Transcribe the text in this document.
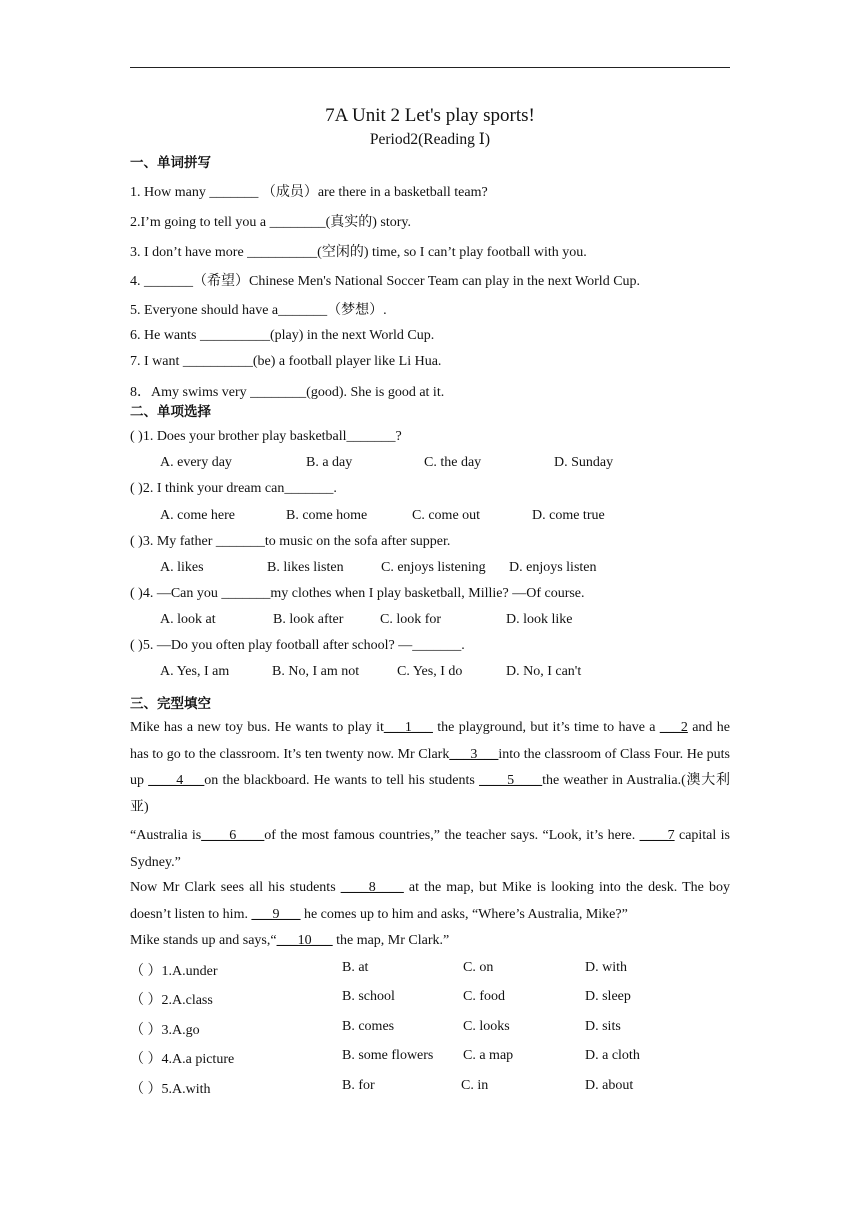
7A Unit 2 Let's play sports!
Period2(Reading Ⅰ)
一、单词拼写
1. How many _______ （成员）are there in a basketball team?
2.I’m going to tell you a ________(真实的) story.
3. I don’t have more __________(空闲的) time, so I can’t play football with you.
4. _______（希望）Chinese Men's National Soccer Team can play in the next World Cup.
5. Everyone should have a_______（梦想）.
6. He wants __________(play) in the next World Cup.
7. I want __________(be) a football player like Li Hua.
8．Amy swims very ________(good). She is good at it.
二、单项选择
( )1. Does your brother play basketball_______?
A. every day	B. a day	C. the day	D. Sunday
( )2. I think your dream can_______.
A. come here	B. come home	C. come out	D. come true
( )3. My father _______to music on the sofa after supper.
A. likes	B. likes listen	C. enjoys listening D. enjoys listen
( )4. —Can you _______my clothes when I play basketball, Millie? —Of course.
A. look at	B. look after	C. look for	D. look like
( )5. —Do you often play football after school? —_______.
A. Yes, I am	B. No, I am not	C. Yes, I do	D. No, I can't
三、完型填空
Mike has a new toy bus. He wants to play it___1___ the playground, but it’s time to have a ___2 and he has to go to the classroom. It’s ten twenty now. Mr Clark___3___into the classroom of Class Four. He puts up ____4___on the blackboard. He wants to tell his students ____5____the weather in Australia.(澳大利亚)
“Australia is____6____of the most famous countries,” the teacher says. “Look, it’s here. ____7 capital is Sydney.”
Now Mr Clark sees all his students ____8____ at the map, but Mike is looking into the desk. The boy doesn’t listen to him. ___9___ he comes up to him and asks, “Where’s Australia, Mike?”
Mike stands up and says,“___10___ the map, Mr Clark.”
（ ）1.A.under	B. at	C. on	D. with
（ ）2.A.class	B. school	C. food	D. sleep
（ ）3.A.go	B. comes	C. looks	D. sits
（ ）4.A.a picture	B. some flowers C. a map	D. a cloth
（ ）5.A.with	B. for	C. in	D. about
